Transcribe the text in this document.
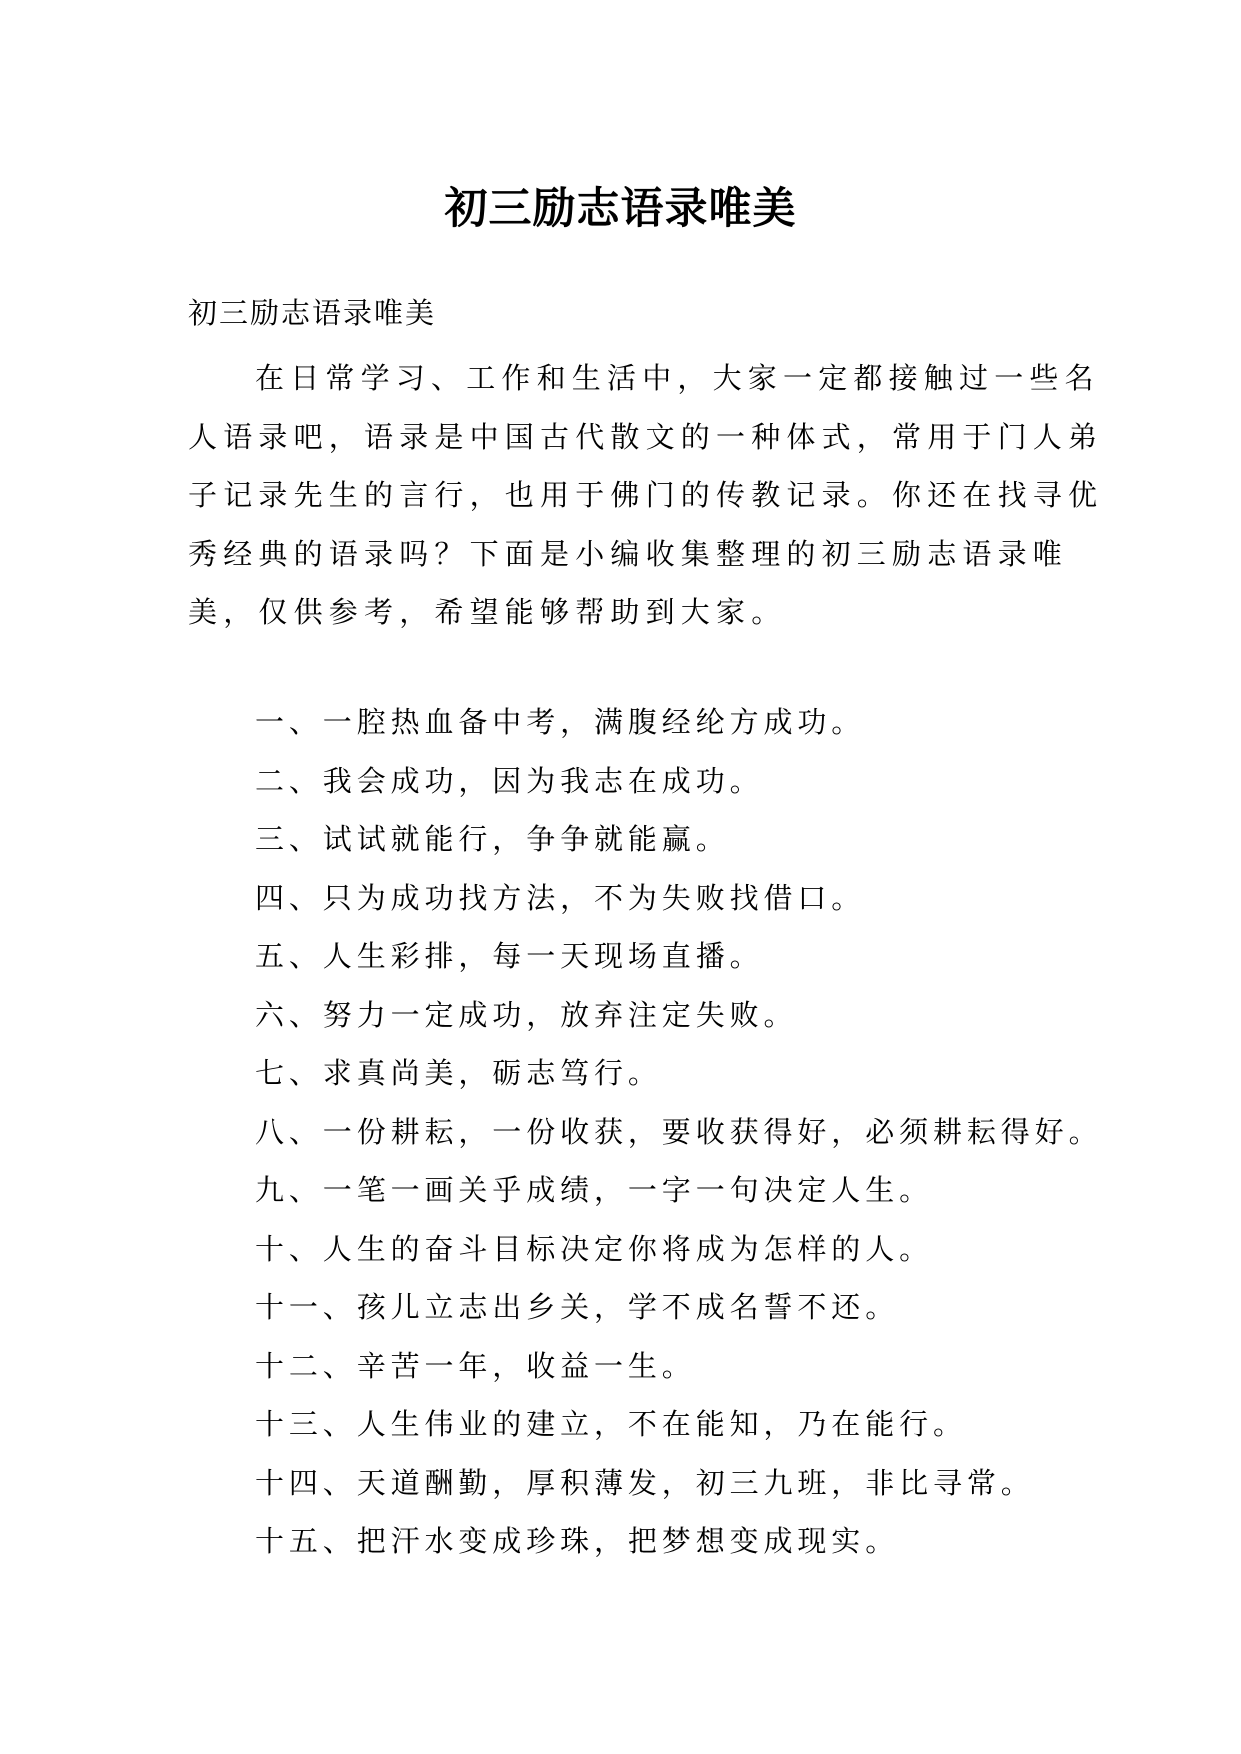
初三励志语录唯美
初三励志语录唯美

在日常学习、工作和生活中，大家一定都接触过一些名
人语录吧，语录是中国古代散文的一种体式，常用于门人弟
子记录先生的言行，也用于佛门的传教记录。你还在找寻优
秀经典的语录吗？下面是小编收集整理的初三励志语录唯
美，仅供参考，希望能够帮助到大家。

一、一腔热血备中考，满腹经纶方成功。
二、我会成功，因为我志在成功。
三、试试就能行，争争就能赢。
四、只为成功找方法，不为失败找借口。
五、人生彩排，每一天现场直播。
六、努力一定成功，放弃注定失败。
七、求真尚美，砺志笃行。
八、一份耕耘，一份收获，要收获得好，必须耕耘得好。
九、一笔一画关乎成绩，一字一句决定人生。
十、人生的奋斗目标决定你将成为怎样的人。
十一、孩儿立志出乡关，学不成名誓不还。
十二、辛苦一年，收益一生。
十三、人生伟业的建立，不在能知，乃在能行。
十四、天道酬勤，厚积薄发，初三九班，非比寻常。
十五、把汗水变成珍珠，把梦想变成现实。
